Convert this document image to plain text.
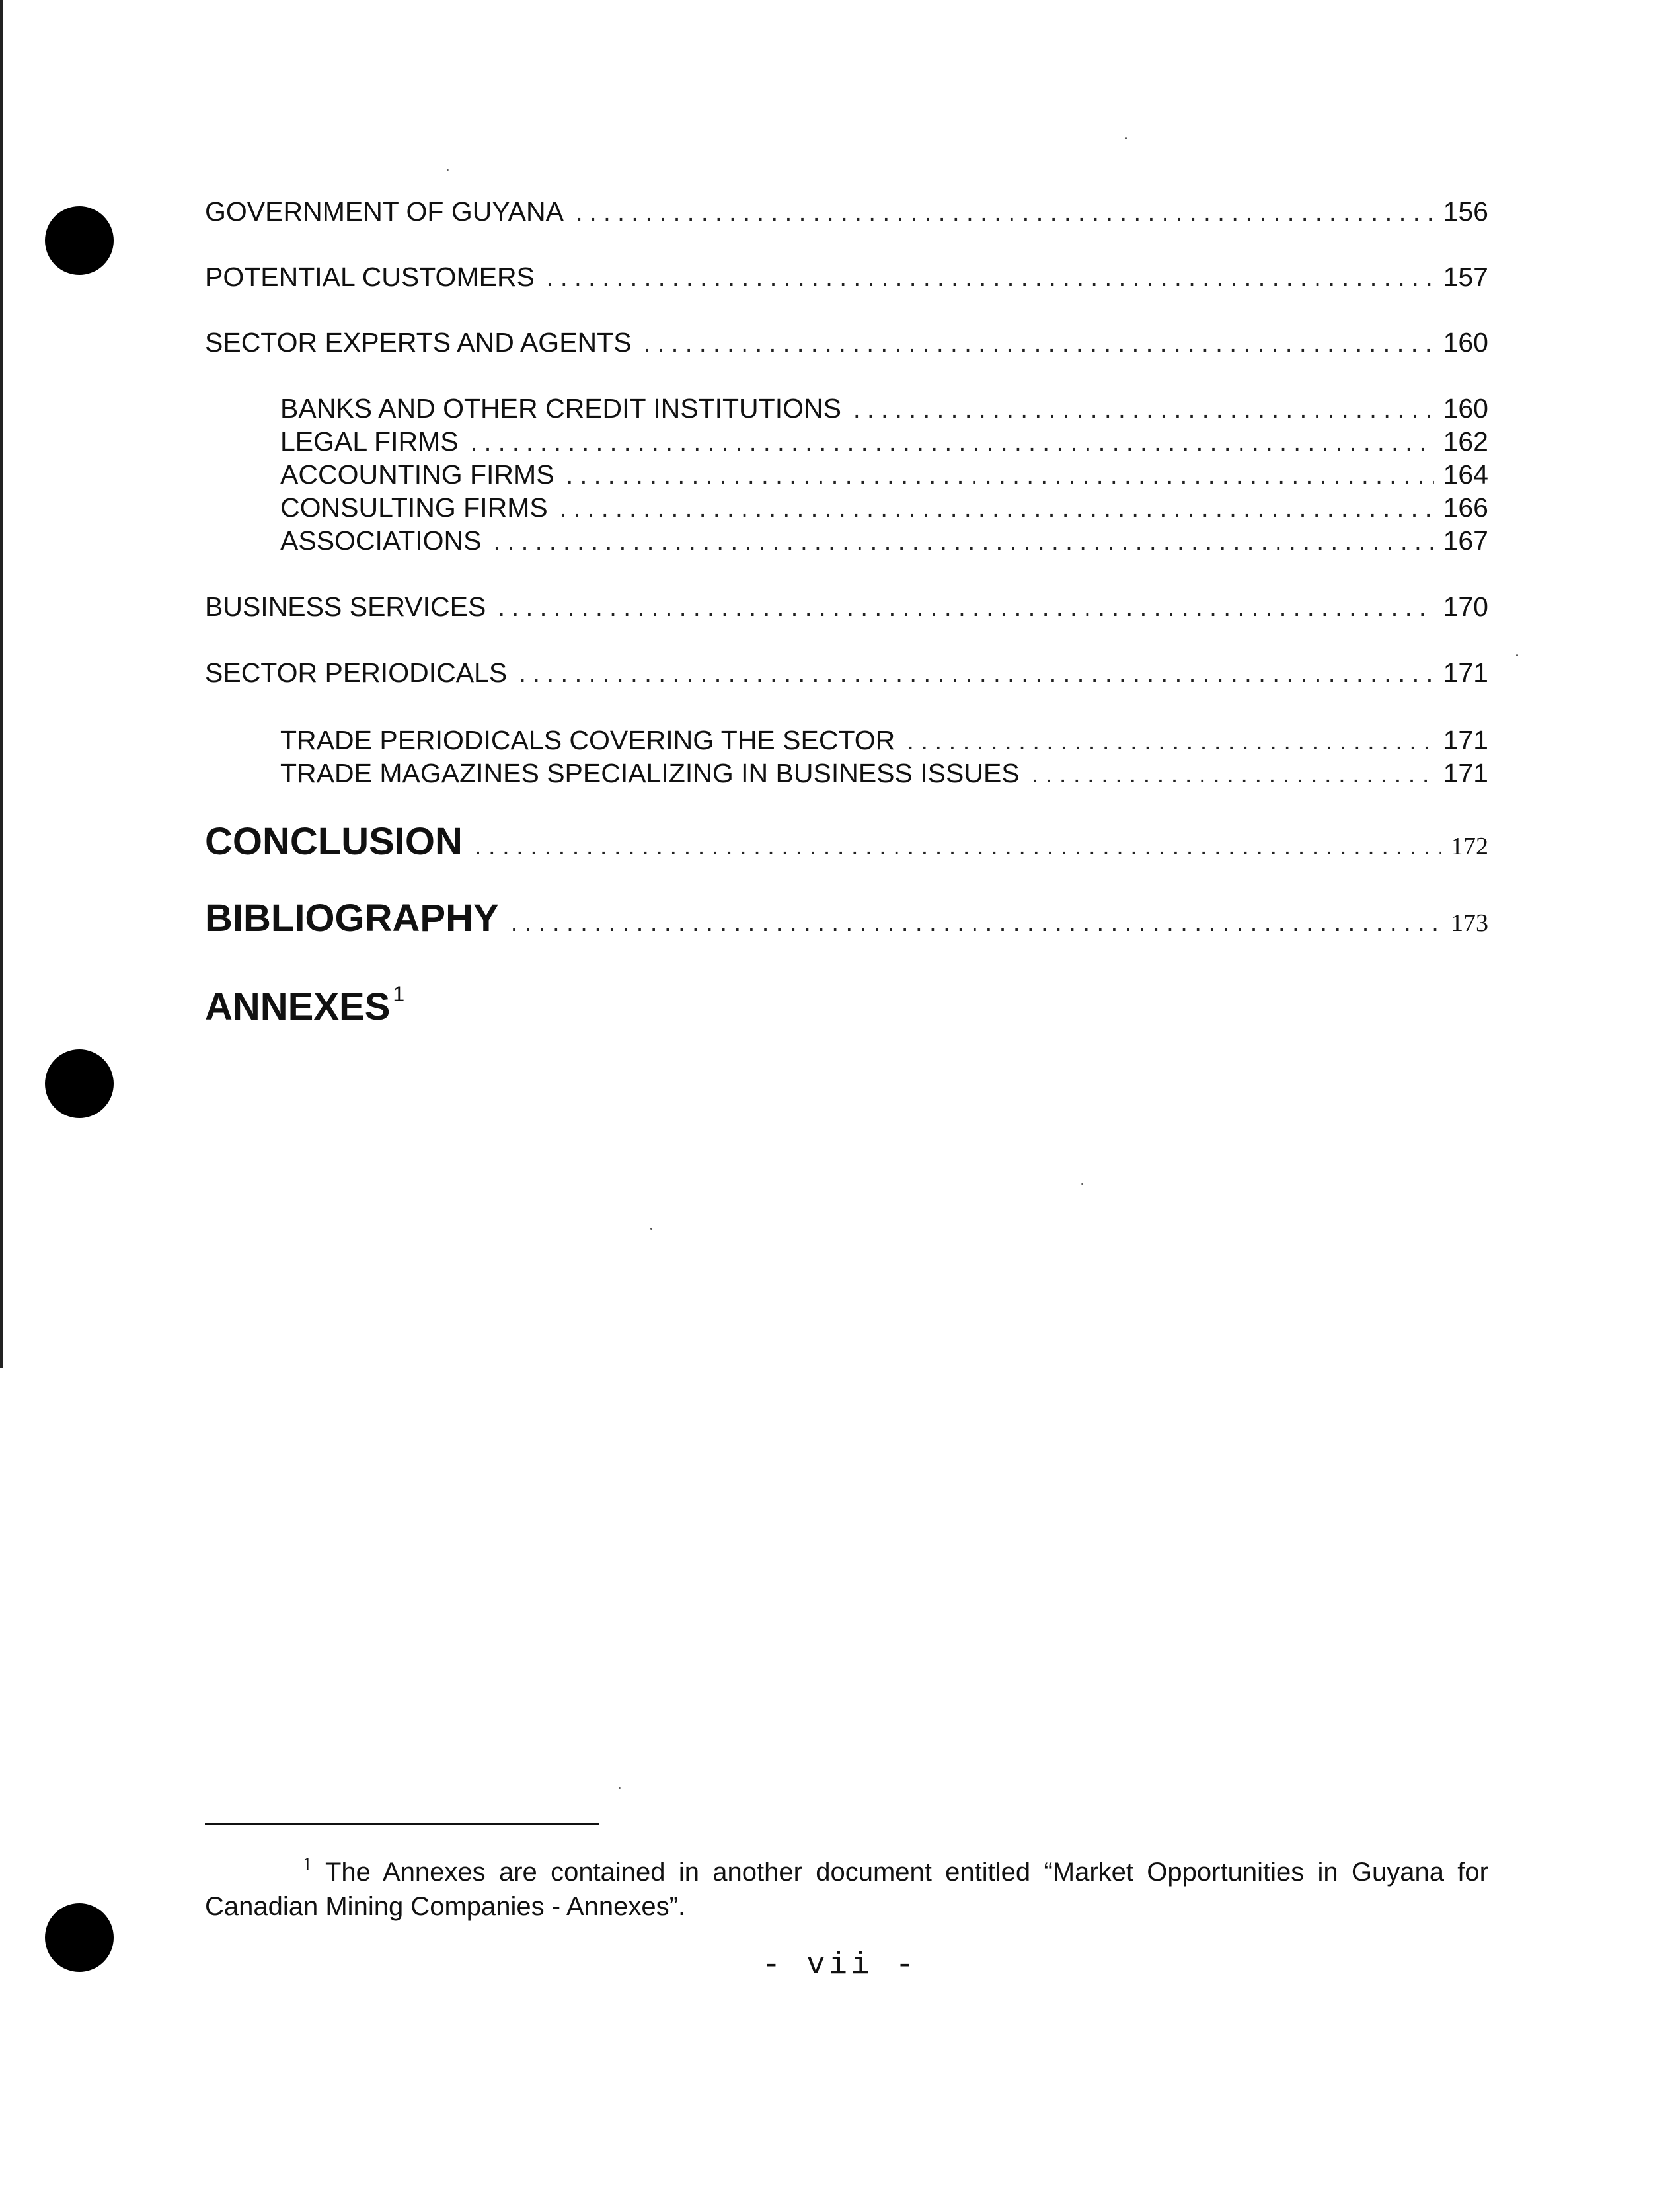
GOVERNMENT OF GUYANA . . .	156
POTENTIAL CUSTOMERS . . .	157
SECTOR EXPERTS AND AGENTS . . .	160
BANKS AND OTHER CREDIT INSTITUTIONS . . .	160
LEGAL FIRMS . . .	162
ACCOUNTING FIRMS . . .	164
CONSULTING FIRMS . . .	166
ASSOCIATIONS . . .	167
BUSINESS SERVICES . . .	170
SECTOR PERIODICALS . . .	171
TRADE PERIODICALS COVERING THE SECTOR . . .	171
TRADE MAGAZINES SPECIALIZING IN BUSINESS ISSUES . . .	171
CONCLUSION . . .	172
BIBLIOGRAPHY . . .	173
ANNEXES $^1$
$^1$ The Annexes are contained in another document entitled “Market Opportunities in Guyana for Canadian Mining Companies - Annexes”.
- vii -
